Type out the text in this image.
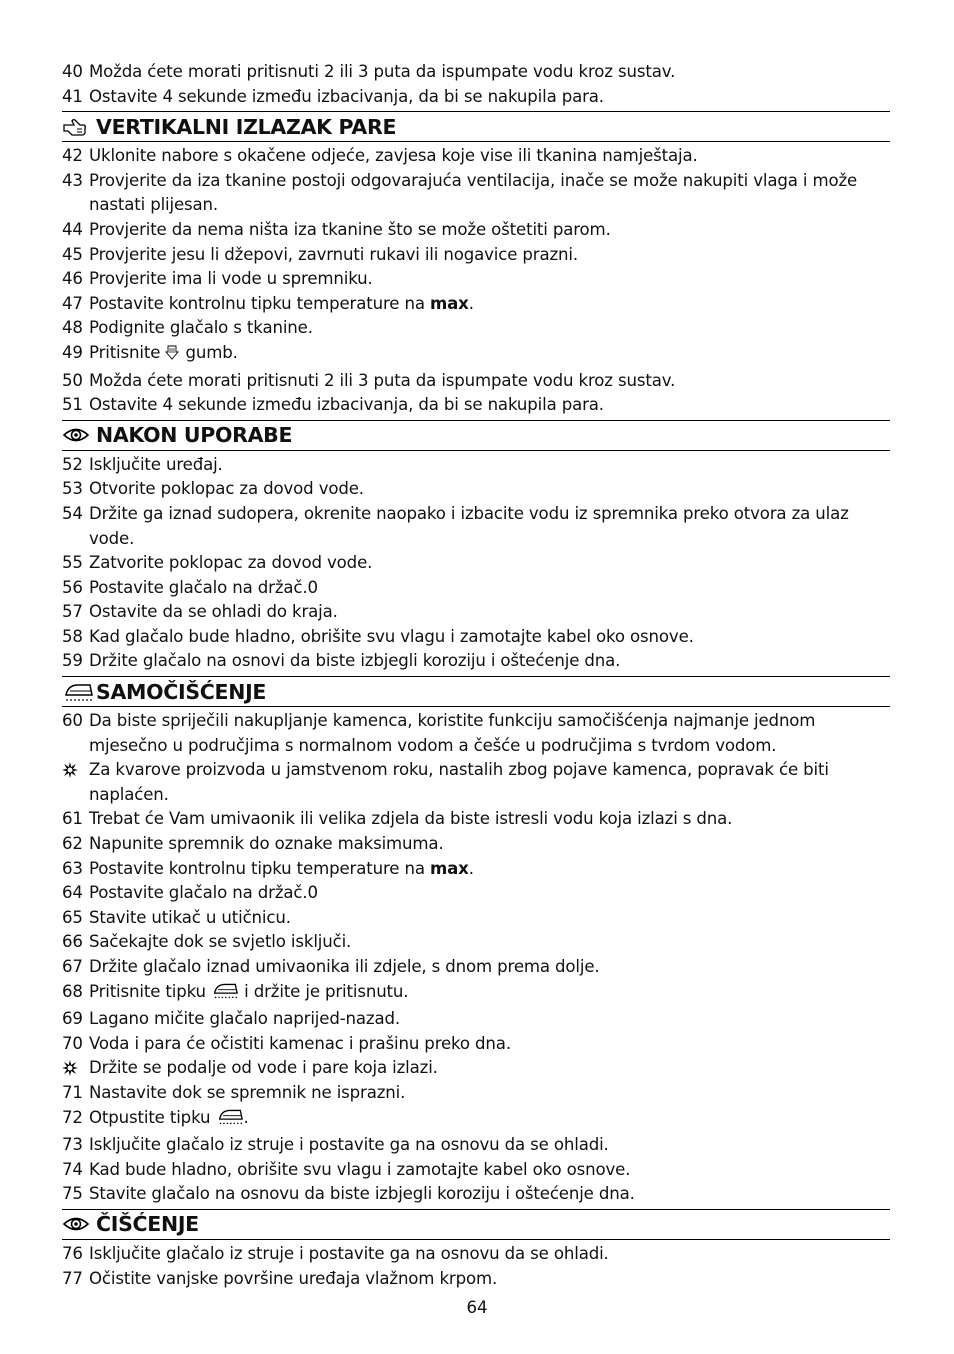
40 Možda ćete morati pritisnuti 2 ili 3 puta da ispumpate vodu kroz sustav.
41 Ostavite 4 sekunde između izbacivanja, da bi se nakupila para.
VERTIKALNI IZLAZAK PARE
42 Uklonite nabore s okačene odjeće, zavjesa koje vise ili tkanina namještaja.
43 Provjerite da iza tkanine postoji odgovarajuća ventilacija, inače se može nakupiti vlaga i može nastati plijesan.
44 Provjerite da nema ništa iza tkanine što se može oštetiti parom.
45 Provjerite jesu li džepovi, zavrnuti rukavi ili nogavice prazni.
46 Provjerite ima li vode u spremniku.
47 Postavite kontrolnu tipku temperature na max.
48 Podignite glačalo s tkanine.
49 Pritisnite  gumb.
50 Možda ćete morati pritisnuti 2 ili 3 puta da ispumpate vodu kroz sustav.
51 Ostavite 4 sekunde između izbacivanja, da bi se nakupila para.
NAKON UPORABE
52 Isključite uređaj.
53 Otvorite poklopac za dovod vode.
54 Držite ga iznad sudopera, okrenite naopako i izbacite vodu iz spremnika preko otvora za ulaz vode.
55 Zatvorite poklopac za dovod vode.
56 Postavite glačalo na držač.0
57 Ostavite da se ohladi do kraja.
58 Kad glačalo bude hladno, obrišite svu vlagu i zamotajte kabel oko osnove.
59 Držite glačalo na osnovi da biste izbjegli koroziju i oštećenje dna.
SAMOČIŠĆENJE
60 Da biste spriječili nakupljanje kamenca, koristite funkciju samočišćenja najmanje jednom mjesečno u područjima s normalnom vodom a češće u područjima s tvrdom vodom.
Za kvarove proizvoda u jamstvenom roku, nastalih zbog pojave kamenca, popravak će biti naplaćen.
61 Trebat će Vam umivaonik ili velika zdjela da biste istresli vodu koja izlazi s dna.
62 Napunite spremnik do oznake maksimuma.
63 Postavite kontrolnu tipku temperature na max.
64 Postavite glačalo na držač.0
65 Stavite utikač u utičnicu.
66 Sačekajte dok se svjetlo isključi.
67 Držite glačalo iznad umivaonika ili zdjele, s dnom prema dolje.
68 Pritisnite tipku  i držite je pritisnutu.
69 Lagano mičite glačalo naprijed-nazad.
70 Voda i para će očistiti kamenac i prašinu preko dna.
Držite se podalje od vode i pare koja izlazi.
71 Nastavite dok se spremnik ne isprazni.
72 Otpustite tipku .
73 Isključite glačalo iz struje i postavite ga na osnovu da se ohladi.
74 Kad bude hladno, obrišite svu vlagu i zamotajte kabel oko osnove.
75 Stavite glačalo na osnovu da biste izbjegli koroziju i oštećenje dna.
ČIŠĆENJE
76 Isključite glačalo iz struje i postavite ga na osnovu da se ohladi.
77 Očistite vanjske površine uređaja vlažnom krpom.
64
